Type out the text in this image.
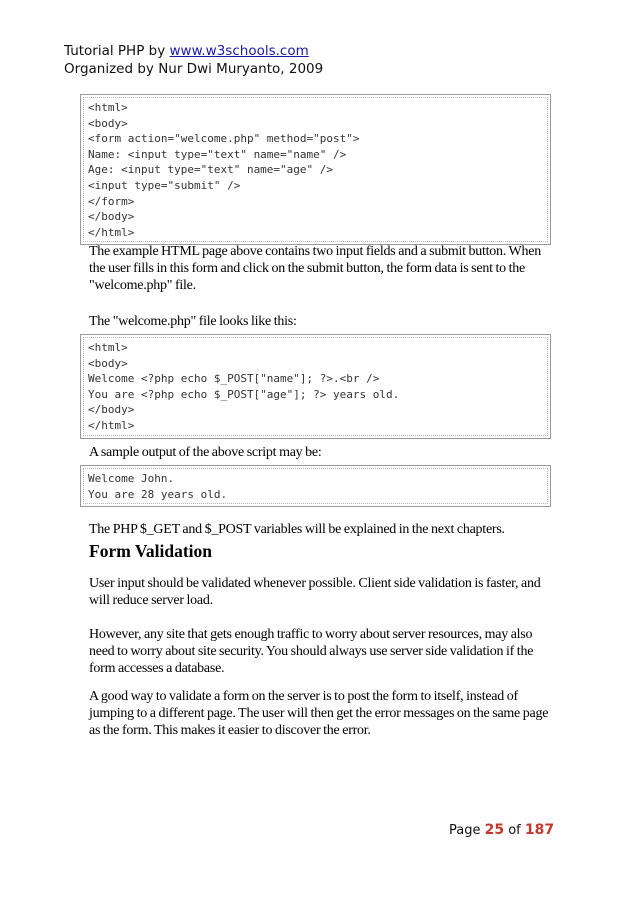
Tutorial PHP by www.w3schools.com
Organized by Nur Dwi Muryanto, 2009
<html>
<body>
<form action="welcome.php" method="post">
Name: <input type="text" name="name" />
Age: <input type="text" name="age" />
<input type="submit" />
</form>
</body>
</html>
The example HTML page above contains two input fields and a submit button. When the user fills in this form and click on the submit button, the form data is sent to the "welcome.php" file.
The "welcome.php" file looks like this:
<html>
<body>
Welcome <?php echo $_POST["name"]; ?>.<br />
You are <?php echo $_POST["age"]; ?> years old.
</body>
</html>
A sample output of the above script may be:
Welcome John.
You are 28 years old.
The PHP $_GET and $_POST variables will be explained in the next chapters.
Form Validation
User input should be validated whenever possible. Client side validation is faster, and will reduce server load.
However, any site that gets enough traffic to worry about server resources, may also need to worry about site security. You should always use server side validation if the form accesses a database.
A good way to validate a form on the server is to post the form to itself, instead of jumping to a different page. The user will then get the error messages on the same page as the form. This makes it easier to discover the error.
Page 25 of 187
